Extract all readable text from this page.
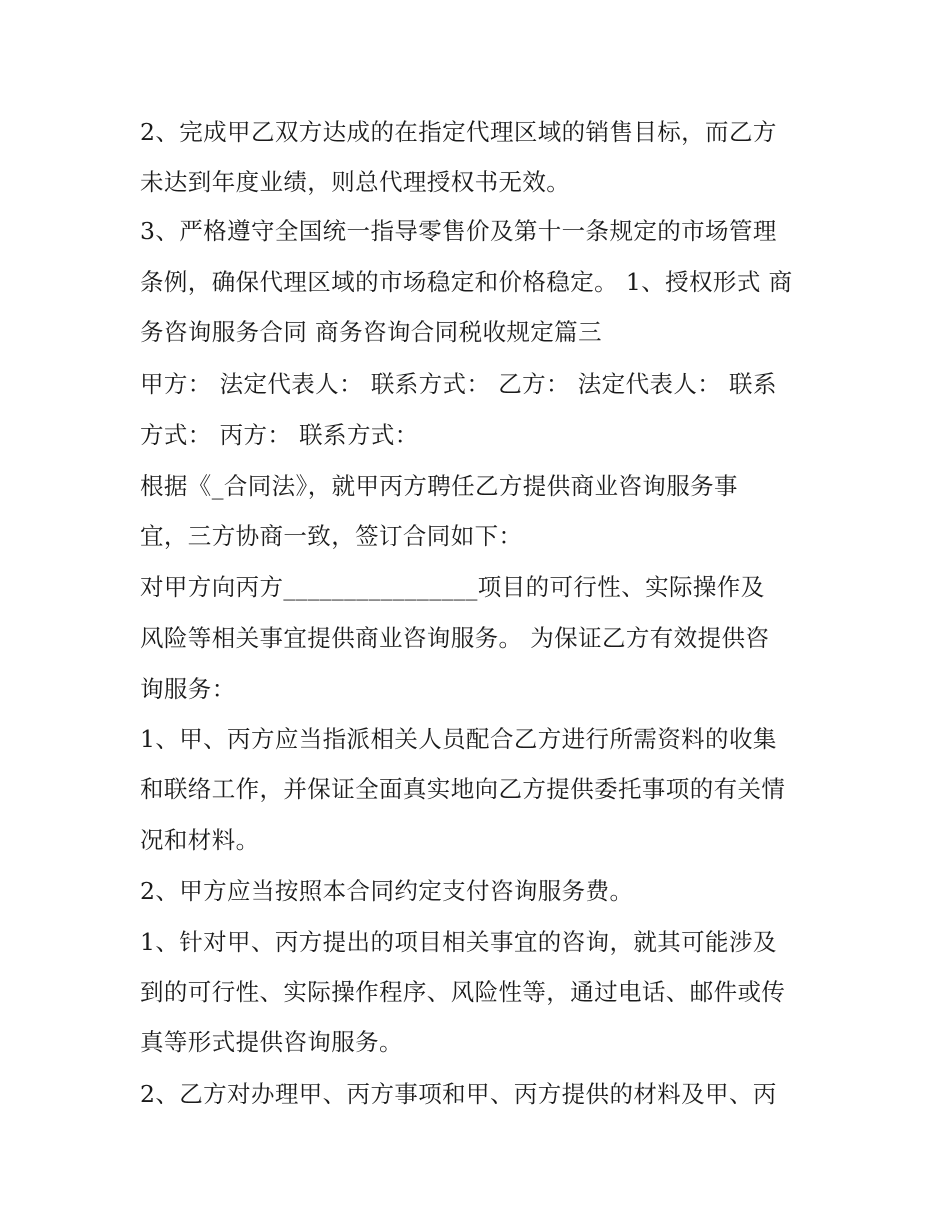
2、完成甲乙双方达成的在指定代理区域的销售目标，而乙方

未达到年度业绩，则总代理授权书无效。

3、严格遵守全国统一指导零售价及第十一条规定的市场管理

条例，确保代理区域的市场稳定和价格稳定。 1、授权形式 商

务咨询服务合同 商务咨询合同税收规定篇三

甲方： 法定代表人： 联系方式： 乙方： 法定代表人： 联系

方式： 丙方： 联系方式：

根据《_合同法》，就甲丙方聘任乙方提供商业咨询服务事

宜，三方协商一致，签订合同如下：

对甲方向丙方________________项目的可行性、实际操作及

风险等相关事宜提供商业咨询服务。 为保证乙方有效提供咨

询服务：

1、甲、丙方应当指派相关人员配合乙方进行所需资料的收集

和联络工作，并保证全面真实地向乙方提供委托事项的有关情

况和材料。

2、甲方应当按照本合同约定支付咨询服务费。

1、针对甲、丙方提出的项目相关事宜的咨询，就其可能涉及

到的可行性、实际操作程序、风险性等，通过电话、邮件或传

真等形式提供咨询服务。

2、乙方对办理甲、丙方事项和甲、丙方提供的材料及甲、丙
